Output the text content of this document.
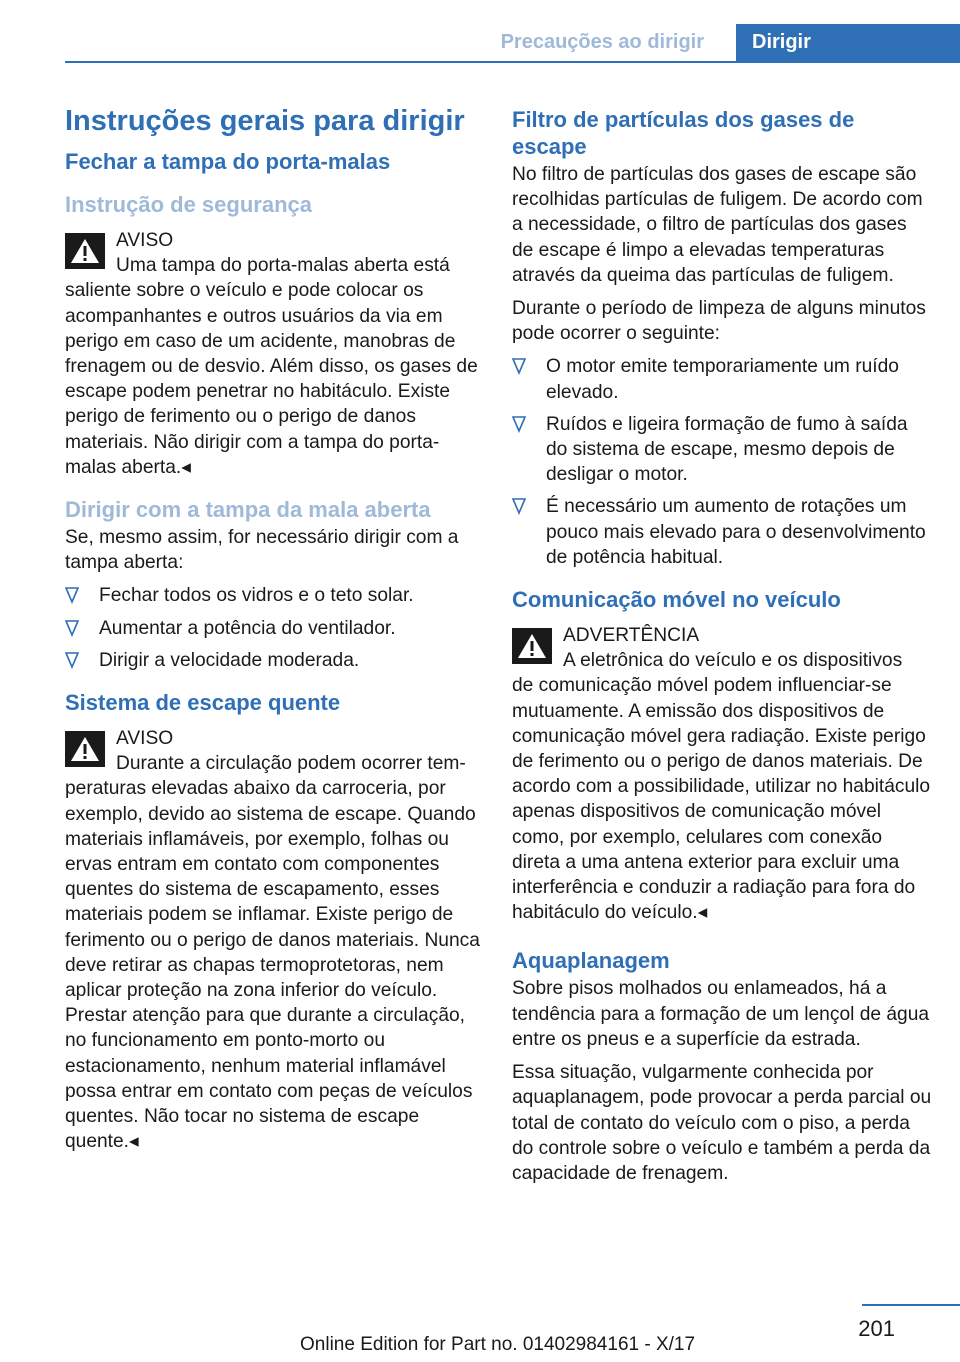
Precauções ao dirigir	Dirigir
Instruções gerais para dirigir
Fechar a tampa do porta-malas
Instrução de segurança
AVISO
Uma tampa do porta-malas aberta está
saliente sobre o veículo e pode colocar os acompanhantes e outros usuários da via em perigo em caso de um acidente, manobras de frenagem ou de desvio. Além disso, os gases de escape podem penetrar no habitáculo. Existe perigo de ferimento ou o perigo de danos materiais. Não dirigir com a tampa do porta-malas aberta.◂
Dirigir com a tampa da mala aberta

Se, mesmo assim, for necessário dirigir com a tampa aberta:

Fechar todos os vidros e o teto solar.
Aumentar a potência do ventilador.
Dirigir a velocidade moderada.
Sistema de escape quente
AVISO
Durante a circulação podem ocorrer tem-
peraturas elevadas abaixo da carroceria, por exemplo, devido ao sistema de escape. Quando materiais inflamáveis, por exemplo, folhas ou ervas entram em contato com componentes quentes do sistema de escapamento, esses materiais podem se inflamar. Existe perigo de ferimento ou o perigo de danos materiais. Nunca deve retirar as chapas termoprotetoras, nem aplicar proteção na zona inferior do veículo. Prestar atenção para que durante a circulação, no funcionamento em ponto-morto ou estacionamento, nenhum material inflamável possa entrar em contato com peças de veículos quentes. Não tocar no sistema de escape quente.◂
Filtro de partículas dos gases de escape

No filtro de partículas dos gases de escape são recolhidas partículas de fuligem. De acordo com a necessidade, o filtro de partículas dos gases de escape é limpo a elevadas temperaturas através da queima das partículas de fuligem.

Durante o período de limpeza de alguns minutos pode ocorrer o seguinte:

O motor emite temporariamente um ruído elevado.
Ruídos e ligeira formação de fumo à saída do sistema de escape, mesmo depois de desligar o motor.
É necessário um aumento de rotações um pouco mais elevado para o desenvolvimento de potência habitual.
Comunicação móvel no veículo
ADVERTÊNCIA
A eletrônica do veículo e os dispositivos
de comunicação móvel podem influenciar-se mutuamente. A emissão dos dispositivos de comunicação móvel gera radiação. Existe perigo de ferimento ou o perigo de danos materiais. De acordo com a possibilidade, utilizar no habitáculo apenas dispositivos de comunicação móvel como, por exemplo, celulares com conexão direta a uma antena exterior para excluir uma interferência e conduzir a radiação para fora do habitáculo do veículo.◂
Aquaplanagem

Sobre pisos molhados ou enlameados, há a tendência para a formação de um lençol de água entre os pneus e a superfície da estrada.

Essa situação, vulgarmente conhecida por aquaplanagem, pode provocar a perda parcial ou total de contato do veículo com o piso, a perda do controle sobre o veículo e também a perda da capacidade de frenagem.

201
Online Edition for Part no. 01402984161 - X/17
